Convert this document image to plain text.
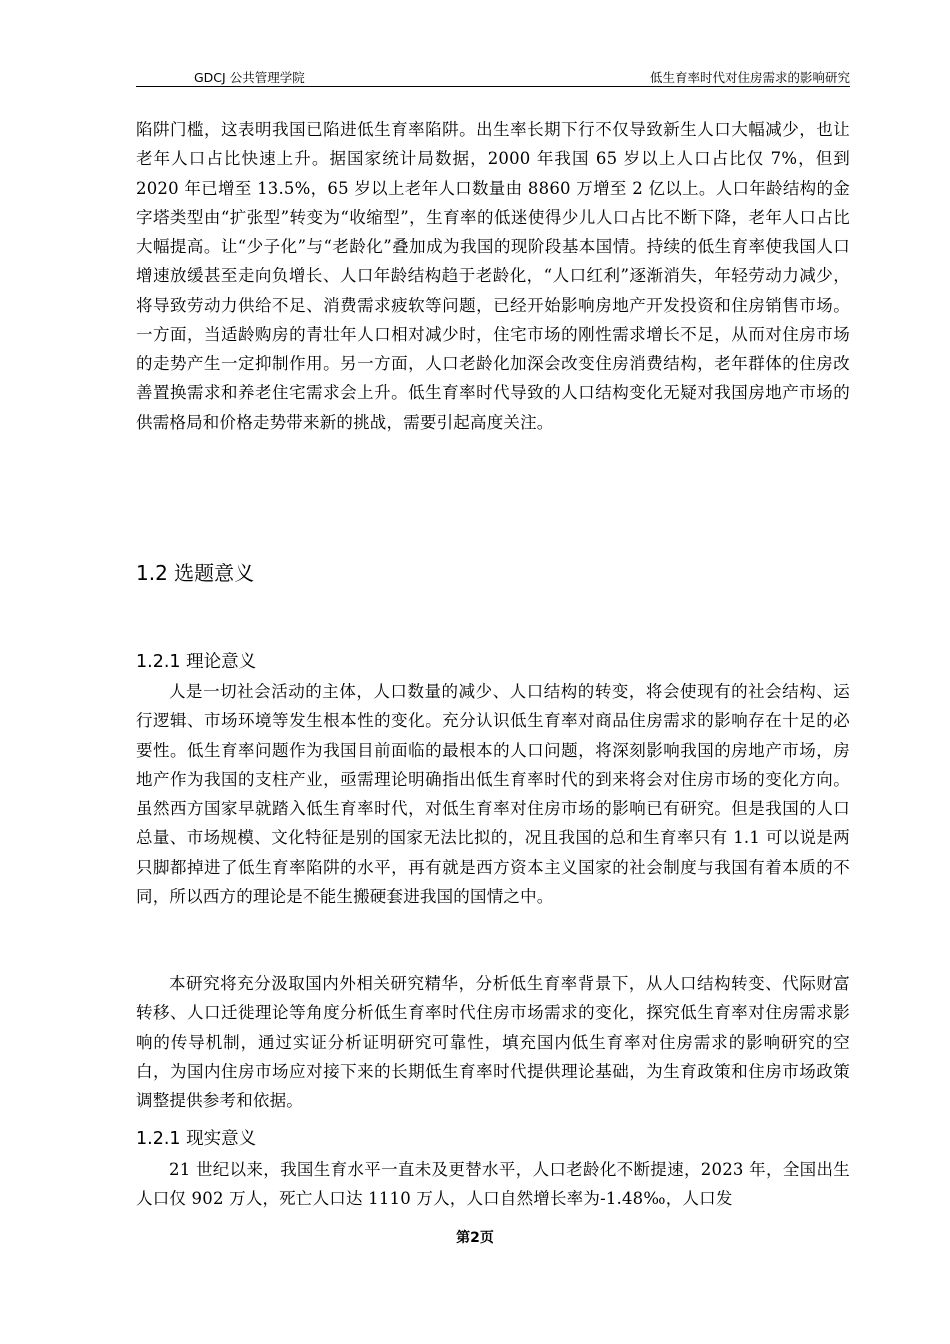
GDCJ 公共管理学院	低生育率时代对住房需求的影响研究

陷阱门槛，这表明我国已陷进低生育率陷阱。出生率长期下行不仅导致新生人口大幅减少，也让老年人口占比快速上升。据国家统计局数据，2000 年我国 65 岁以上人口占比仅 7%，但到 2020 年已增至 13.5%，65 岁以上老年人口数量由 8860 万增至 2 亿以上。人口年龄结构的金字塔类型由“扩张型”转变为“收缩型”，生育率的低迷使得少儿人口占比不断下降，老年人口占比大幅提高。让“少子化”与“老龄化”叠加成为我国的现阶段基本国情。持续的低生育率使我国人口增速放缓甚至走向负增长、人口年龄结构趋于老龄化，“人口红利”逐渐消失，年轻劳动力减少，将导致劳动力供给不足、消费需求疲软等问题，已经开始影响房地产开发投资和住房销售市场。一方面，当适龄购房的青壮年人口相对减少时，住宅市场的刚性需求增长不足，从而对住房市场的走势产生一定抑制作用。另一方面，人口老龄化加深会改变住房消费结构，老年群体的住房改善置换需求和养老住宅需求会上升。低生育率时代导致的人口结构变化无疑对我国房地产市场的供需格局和价格走势带来新的挑战，需要引起高度关注。

1.2 选题意义
1.2.1 理论意义

人是一切社会活动的主体，人口数量的减少、人口结构的转变，将会使现有的社会结构、运行逻辑、市场环境等发生根本性的变化。充分认识低生育率对商品住房需求的影响存在十足的必要性。低生育率问题作为我国目前面临的最根本的人口问题，将深刻影响我国的房地产市场，房地产作为我国的支柱产业，亟需理论明确指出低生育率时代的到来将会对住房市场的变化方向。虽然西方国家早就踏入低生育率时代，对低生育率对住房市场的影响已有研究。但是我国的人口总量、市场规模、文化特征是别的国家无法比拟的，况且我国的总和生育率只有 1.1 可以说是两只脚都掉进了低生育率陷阱的水平，再有就是西方资本主义国家的社会制度与我国有着本质的不同，所以西方的理论是不能生搬硬套进我国的国情之中。

本研究将充分汲取国内外相关研究精华，分析低生育率背景下，从人口结构转变、代际财富转移、人口迁徙理论等角度分析低生育率时代住房市场需求的变化，探究低生育率对住房需求影响的传导机制，通过实证分析证明研究可靠性，填充国内低生育率对住房需求的影响研究的空白，为国内住房市场应对接下来的长期低生育率时代提供理论基础，为生育政策和住房市场政策调整提供参考和依据。

1.2.1 现实意义

21 世纪以来，我国生育水平一直未及更替水平，人口老龄化不断提速，2023 年，全国出生人口仅 902 万人，死亡人口达 1110 万人，人口自然增长率为-1.48‰，人口发

第2页
